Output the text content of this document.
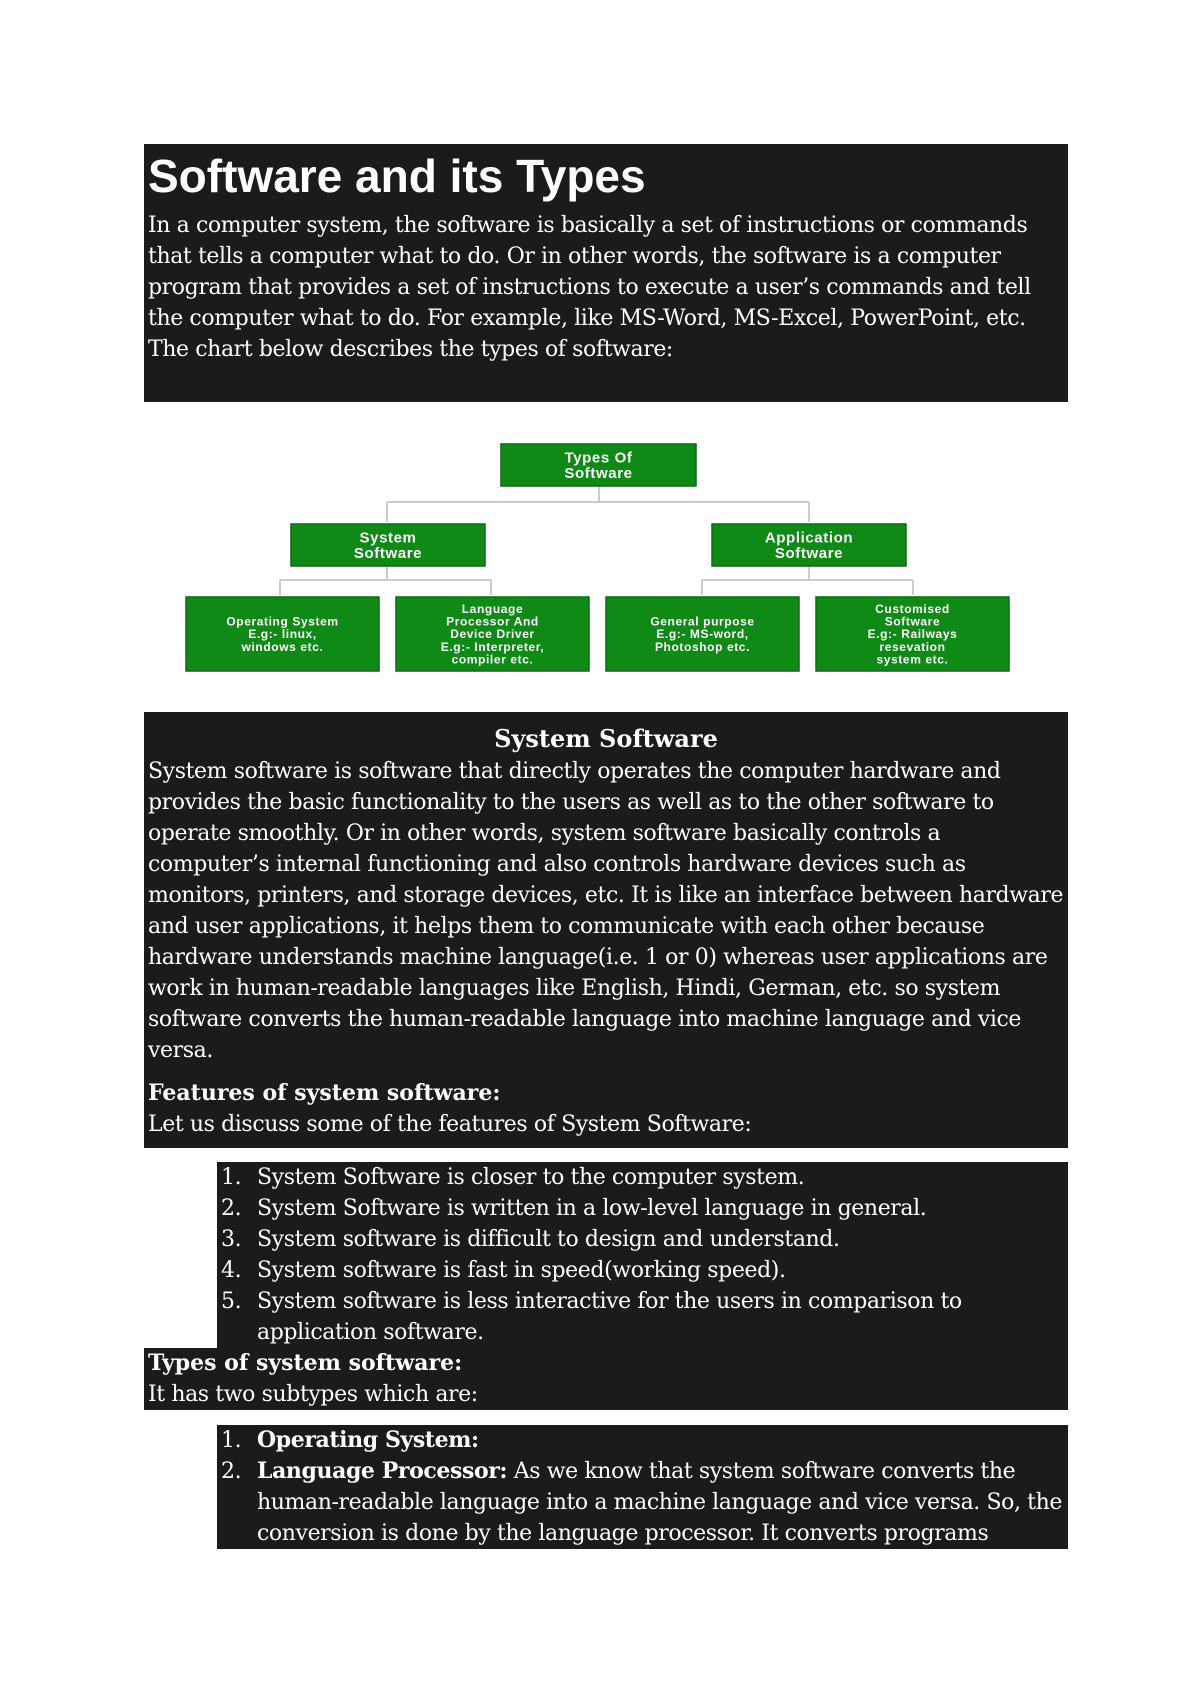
Software and its Types

In a computer system, the software is basically a set of instructions or commands that tells a computer what to do. Or in other words, the software is a computer program that provides a set of instructions to execute a user’s commands and tell the computer what to do. For example, like MS-Word, MS-Excel, PowerPoint, etc. The chart below describes the types of software:

Types Of
Software
System
Software
Application
Software
Operating System
E.g:- linux,
windows etc.
Language
Processor And
Device Driver
E.g:- Interpreter,
compiler etc.
General purpose
E.g:- MS-word,
Photoshop etc.
Customised
Software
E.g:- Railways
resevation
system etc.
System Software

System software is software that directly operates the computer hardware and provides the basic functionality to the users as well as to the other software to operate smoothly. Or in other words, system software basically controls a computer’s internal functioning and also controls hardware devices such as monitors, printers, and storage devices, etc. It is like an interface between hardware and user applications, it helps them to communicate with each other because hardware understands machine language(i.e. 1 or 0) whereas user applications are work in human-readable languages like English, Hindi, German, etc. so system software converts the human-readable language into machine language and vice versa.

Features of system software:

Let us discuss some of the features of System Software:

1. System Software is closer to the computer system.
2. System Software is written in a low-level language in general.
3. System software is difficult to design and understand.
4. System software is fast in speed(working speed).
5. System software is less interactive for the users in comparison to application software.
Types of system software:

It has two subtypes which are:

1. Operating System:
2. Language Processor: As we know that system software converts the human-readable language into a machine language and vice versa. So, the conversion is done by the language processor. It converts programs
